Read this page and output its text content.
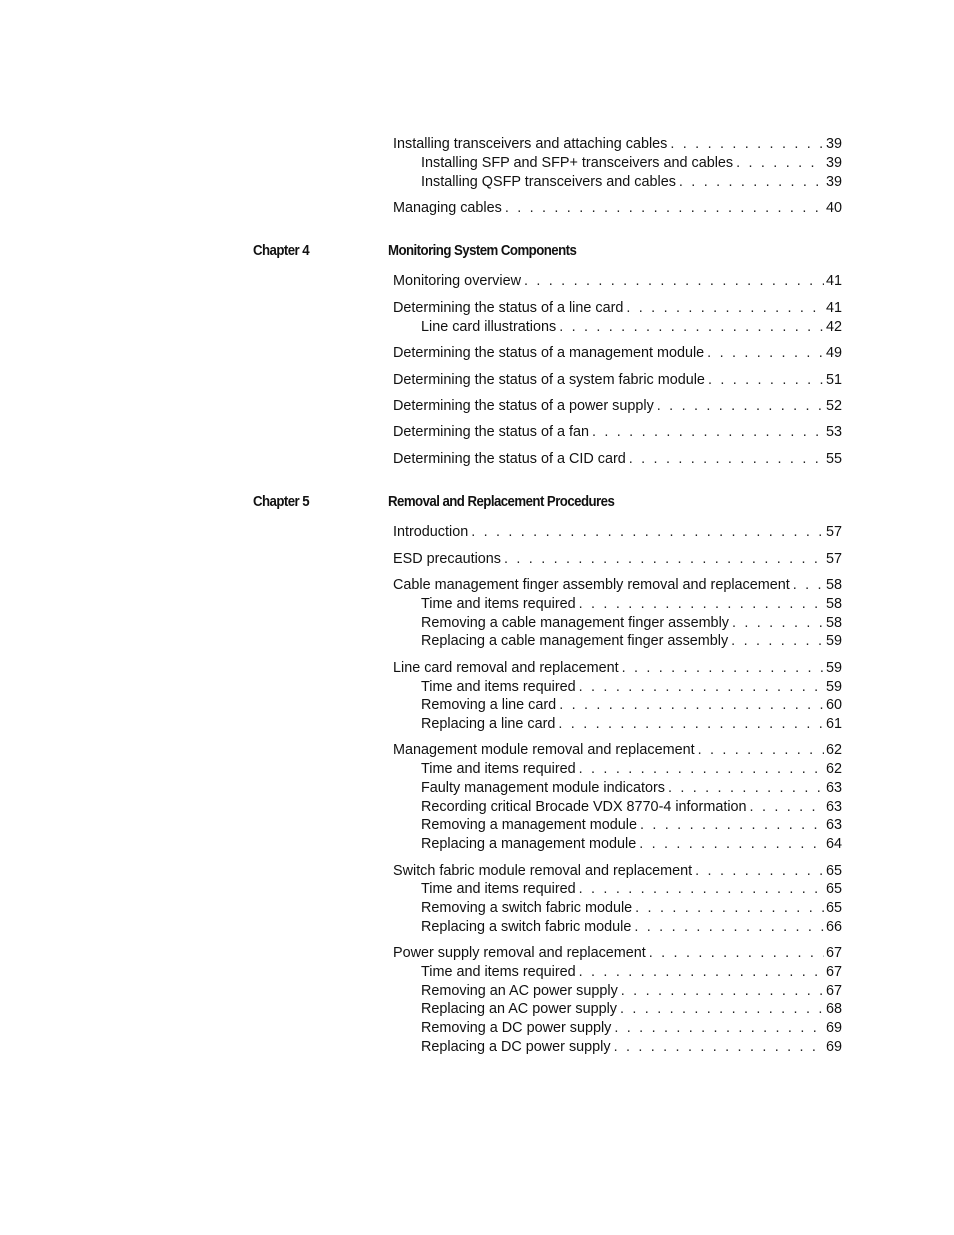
Installing transceivers and attaching cables . . .	39
Installing SFP and SFP+ transceivers and cables . . .	39
Installing QSFP transceivers and cables . . .	39
Managing cables . . .	40
Chapter 4	Monitoring System Components
Monitoring overview . . .	41
Determining the status of a line card . . .	41
Line card illustrations . . .	42
Determining the status of a management module . . .	49
Determining the status of a system fabric module . . .	51
Determining the status of a power supply . . .	52
Determining the status of a fan . . .	53
Determining the status of a CID card . . .	55
Chapter 5	Removal and Replacement Procedures
Introduction . . .	57
ESD precautions . . .	57
Cable management finger assembly removal and replacement . . .	58
Time and items required . . .	58
Removing a cable management finger assembly . . .	58
Replacing a cable management finger assembly . . .	59
Line card removal and replacement . . .	59
Time and items required . . .	59
Removing a line card . . .	60
Replacing a line card . . .	61
Management module removal and replacement . . .	62
Time and items required . . .	62
Faulty management module indicators . . .	63
Recording critical Brocade VDX 8770-4 information . . .	63
Removing a management module . . .	63
Replacing a management module . . .	64
Switch fabric module removal and replacement . . .	65
Time and items required . . .	65
Removing a switch fabric module . . .	65
Replacing a switch fabric module . . .	66
Power supply removal and replacement . . .	67
Time and items required . . .	67
Removing an AC power supply . . .	67
Replacing an AC power supply . . .	68
Removing a DC power supply . . .	69
Replacing a DC power supply . . .	69
